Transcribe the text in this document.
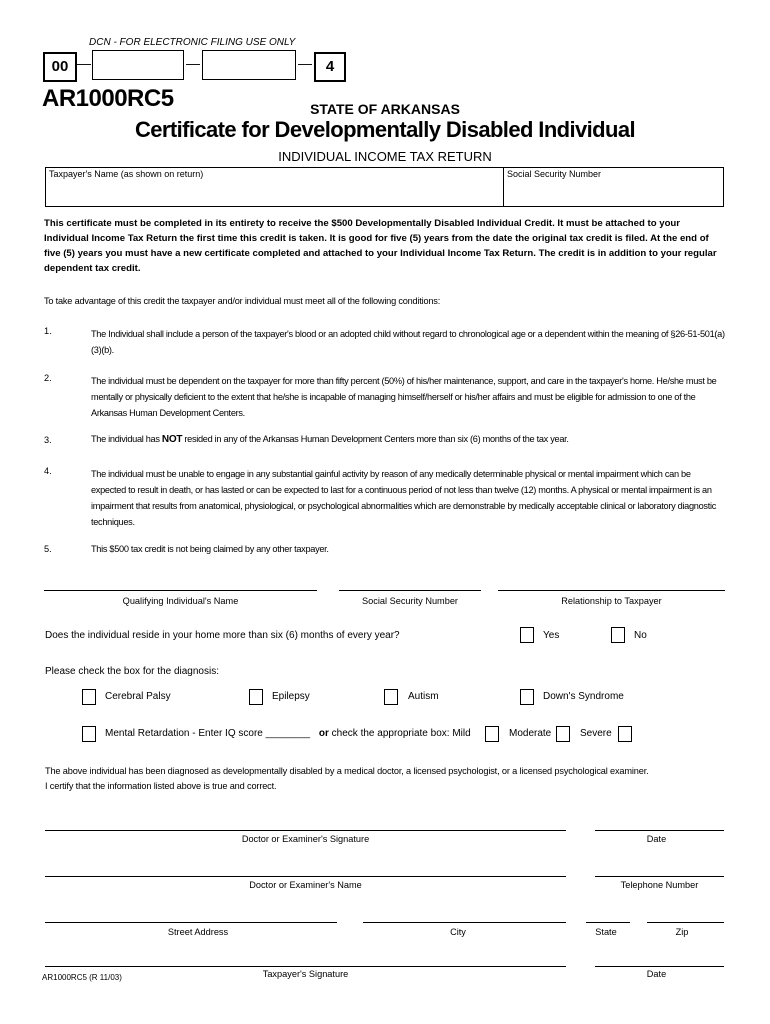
DCN - FOR ELECTRONIC FILING USE ONLY
00 —	—	— 4
AR1000RC5	STATE OF ARKANSAS
Certificate for Developmentally Disabled Individual
INDIVIDUAL INCOME TAX RETURN
Taxpayer's Name (as shown on return)	Social Security Number
This certificate must be completed in its entirety to receive the $500 Developmentally Disabled Individual Credit. It must be attached to your Individual Income Tax Return the first time this credit is taken. It is good for five (5) years from the date the original tax credit is filed. At the end of five (5) years you must have a new certificate completed and attached to your Individual Income Tax Return. The credit is in addition to your regular dependent tax credit.
To take advantage of this credit the taxpayer and/or individual must meet all of the following conditions:
1.	The Individual shall include a person of the taxpayer's blood or an adopted child without regard to chronological age or a dependent within the meaning of §26-51-501(a)(3)(b).
2.	The individual must be dependent on the taxpayer for more than fifty percent (50%) of his/her maintenance, support, and care in the taxpayer's home. He/she must be mentally or physically deficient to the extent that he/she is incapable of managing himself/herself or his/her affairs and must be eligible for admission to one of the Arkansas Human Development Centers.
3.	The individual has NOT resided in any of the Arkansas Human Development Centers more than six (6) months of the tax year.
4.	The individual must be unable to engage in any substantial gainful activity by reason of any medically determinable physical or mental impairment which can be expected to result in death, or has lasted or can be expected to last for a continuous period of not less than twelve (12) months. A physical or mental impairment is an impairment that results from anatomical, physiological, or psychological abnormalities which are demonstrable by medically acceptable clinical or laboratory diagnostic techniques.
5.	This $500 tax credit is not being claimed by any other taxpayer.
Qualifying Individual's Name	Social Security Number	Relationship to Taxpayer
Does the individual reside in your home more than six (6) months of every year?	Yes	No
Please check the box for the diagnosis:
Cerebral Palsy	Epilepsy	Autism	Down's Syndrome
Mental Retardation - Enter IQ score ________ or check the appropriate box: Mild	Moderate	Severe
The above individual has been diagnosed as developmentally disabled by a medical doctor, a licensed psychologist, or a licensed psychological examiner.
I certify that the information listed above is true and correct.
Doctor or Examiner's Signature	Date
Doctor or Examiner's Name	Telephone Number
Street Address	City	State	Zip
Taxpayer's Signature	Date
AR1000RC5 (R 11/03)
